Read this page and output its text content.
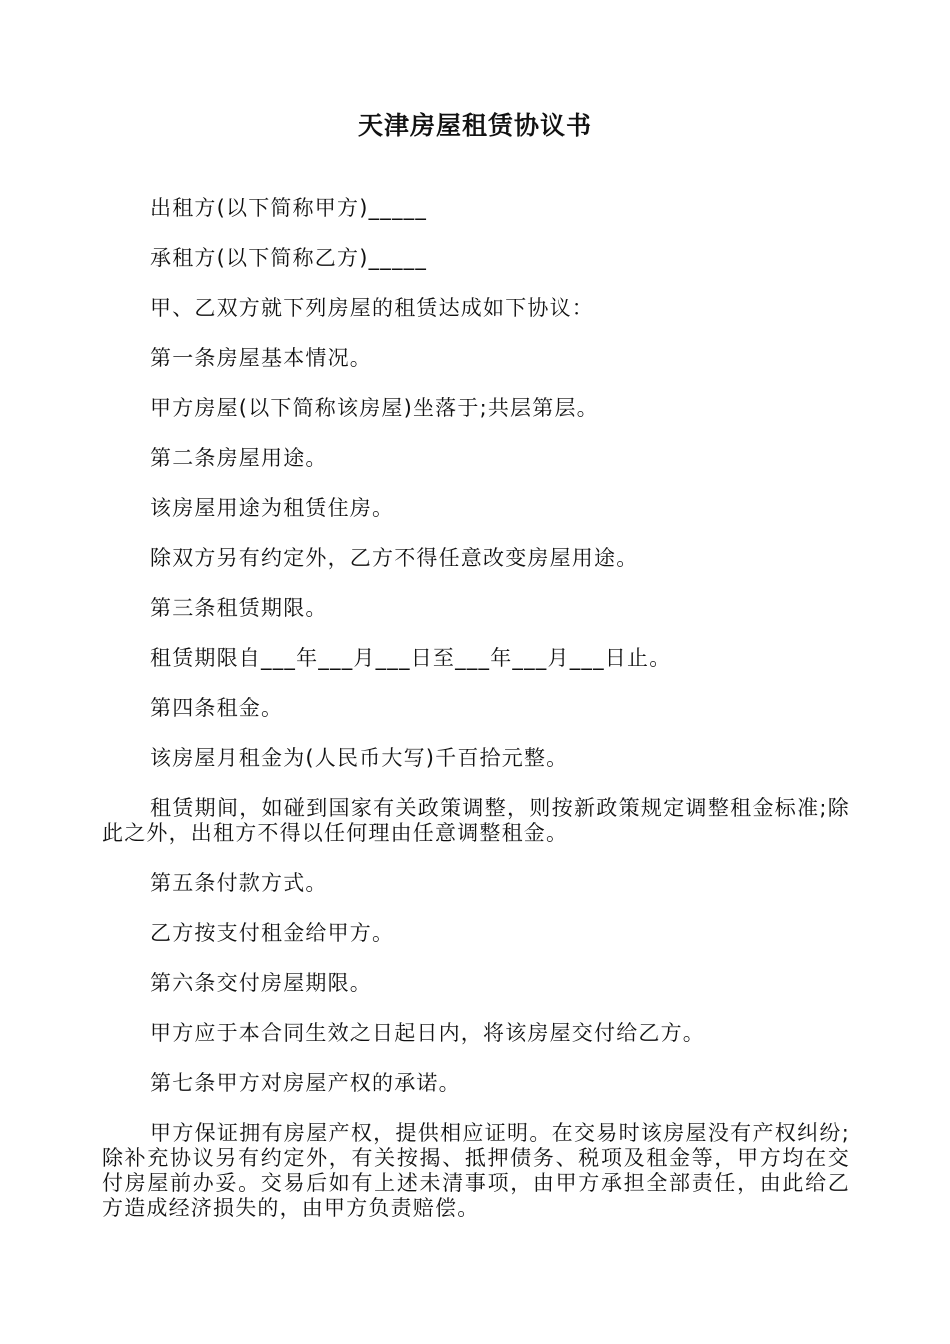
天津房屋租赁协议书

出租方(以下简称甲方)_____

承租方(以下简称乙方)_____

甲、乙双方就下列房屋的租赁达成如下协议：

第一条房屋基本情况。

甲方房屋(以下简称该房屋)坐落于;共层第层。

第二条房屋用途。

该房屋用途为租赁住房。

除双方另有约定外，乙方不得任意改变房屋用途。

第三条租赁期限。

租赁期限自___年___月___日至___年___月___日止。

第四条租金。

该房屋月租金为(人民币大写)千百拾元整。

租赁期间，如碰到国家有关政策调整，则按新政策规定调整租金标准;除此之外，出租方不得以任何理由任意调整租金。

第五条付款方式。

乙方按支付租金给甲方。

第六条交付房屋期限。

甲方应于本合同生效之日起日内，将该房屋交付给乙方。

第七条甲方对房屋产权的承诺。

甲方保证拥有房屋产权，提供相应证明。在交易时该房屋没有产权纠纷;除补充协议另有约定外，有关按揭、抵押债务、税项及租金等，甲方均在交付房屋前办妥。交易后如有上述未清事项，由甲方承担全部责任，由此给乙方造成经济损失的，由甲方负责赔偿。
